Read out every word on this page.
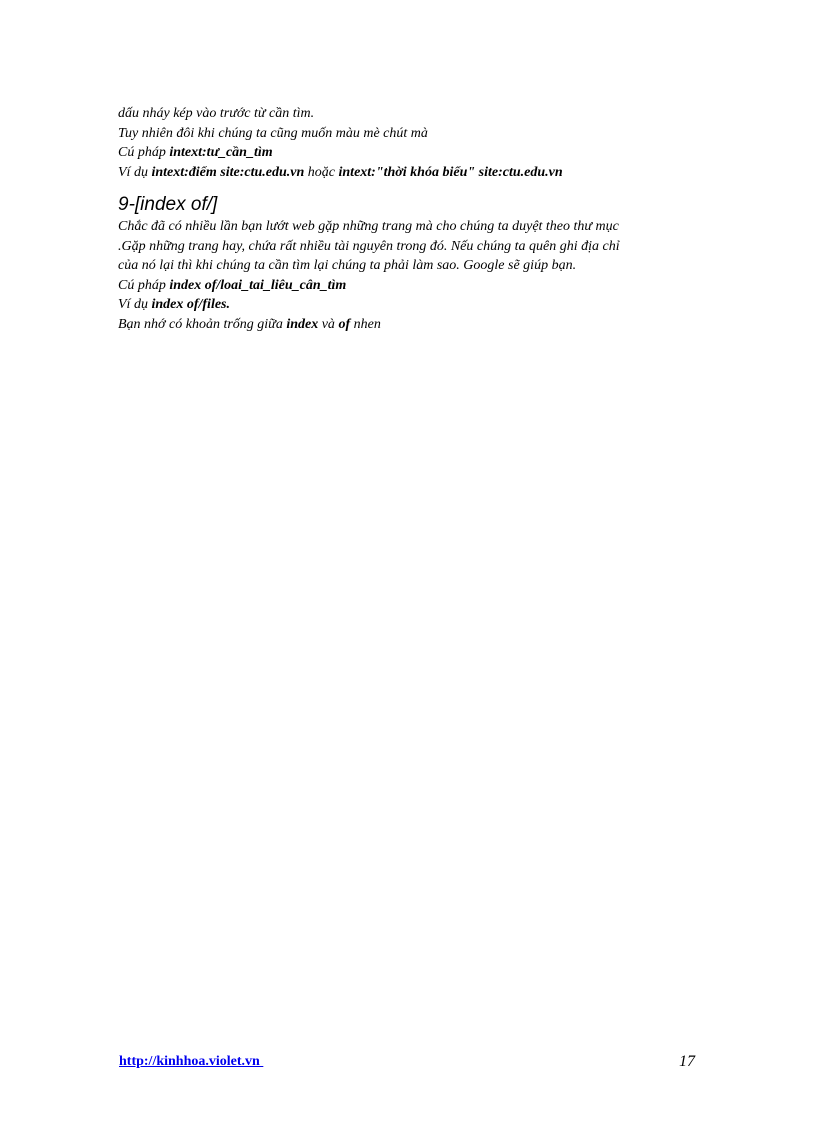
dấu nháy kép vào trước từ cần tìm.
Tuy nhiên đôi khi chúng ta cũng muốn màu mè chút mà
Cú pháp intext:tư_cần_tìm
Ví dụ intext:điểm site:ctu.edu.vn hoặc intext:"thời khóa biểu" site:ctu.edu.vn
9-[index of/]
Chắc đã có nhiều lần bạn lướt web gặp những trang mà cho chúng ta duyệt theo thư mục
.Gặp những trang hay, chứa rất nhiều tài nguyên trong đó. Nếu chúng ta quên ghi địa chỉ
của nó lại thì khi chúng ta cần tìm lại chúng ta phải làm sao. Google sẽ giúp bạn.
Cú pháp index of/loai_tai_liêu_cân_tìm
Ví dụ index of/files.
Bạn nhớ có khoản trống giữa index và of nhen
http://kinhhoa.violet.vn	17
